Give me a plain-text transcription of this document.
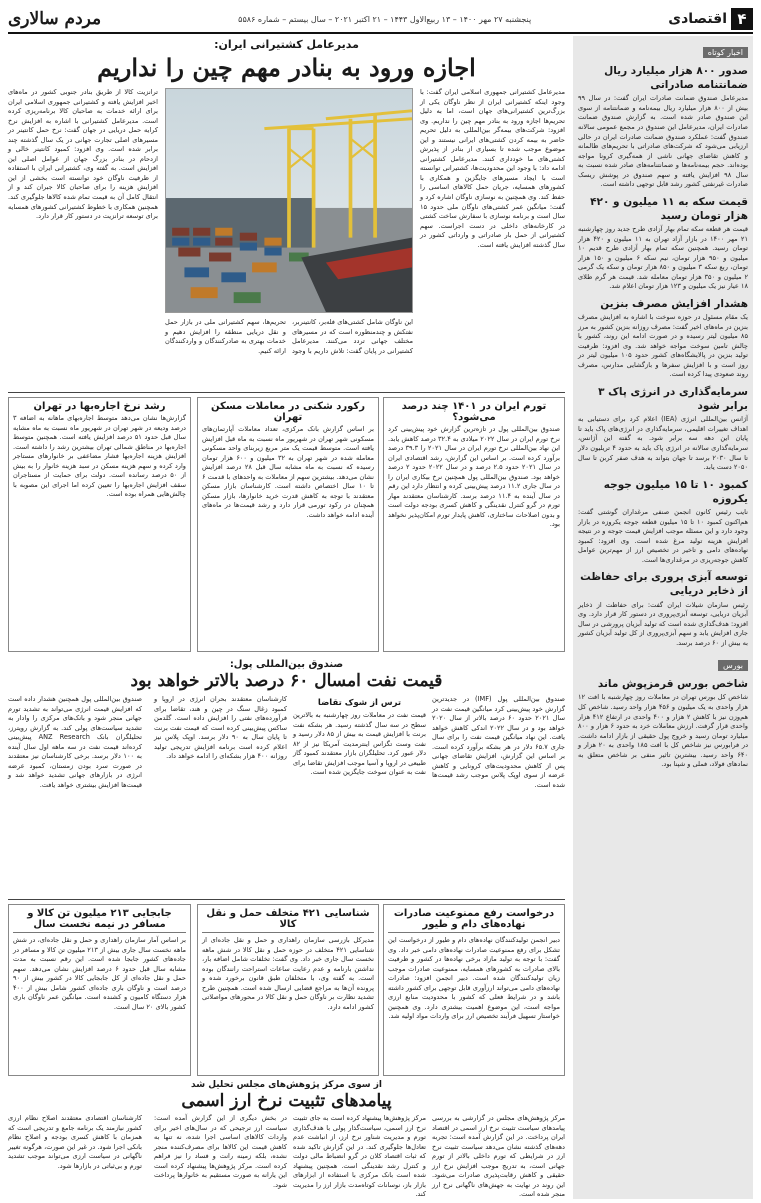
۴
اقتصادی
پنجشنبه ۲۷ مهر ۱۴۰۰ – ۱۳ ربیع‌الاول ۱۴۴۳ – ۲۱ اکتبر ۲۰۲۱ – سال بیستم – شماره ۵۵۸۶
مردم سالاری
اخبار کوتاه
صدور ۸۰۰ هزار میلیارد ریال ضمانتنامه صادراتی
مدیرعامل صندوق ضمانت صادرات ایران گفت: در سال ۹۹ بیش از ۸۰۰ هزار میلیارد ریال بیمه‌نامه و ضمانتنامه از سوی این صندوق صادر شده است. به گزارش صندوق ضمانت صادرات ایران، مدیرعامل این صندوق در مجمع عمومی سالانه صندوق گفت: عملکرد صندوق ضمانت صادرات ایران در حالی ارزیابی می‌شود که شرکت‌های صادراتی با تحریم‌های ظالمانه و کاهش تقاضای جهانی ناشی از همه‌گیری کرونا مواجه بوده‌اند. حجم بیمه‌نامه‌ها و ضمانتنامه‌های صادر شده نسبت به سال ۹۸ افزایش یافته و سهم صندوق در پوشش ریسک صادرات غیرنفتی کشور رشد قابل توجهی داشته است.
قیمت سکه به ۱۱ میلیون و ۴۲۰ هزار تومان رسید
قیمت هر قطعه سکه تمام بهار آزادی طرح جدید روز چهارشنبه ۲۱ مهر ۱۴۰۰ در بازار آزاد تهران به ۱۱ میلیون و ۴۲۰ هزار تومان رسید. همچنین سکه تمام بهار آزادی طرح قدیم ۱۰ میلیون و ۹۵۰ هزار تومان، نیم سکه ۶ میلیون و ۱۵۰ هزار تومان، ربع سکه ۳ میلیون و ۸۵۰ هزار تومان و سکه یک گرمی ۲ میلیون و ۳۵۰ هزار تومان معامله شد. قیمت هر گرم طلای ۱۸ عیار نیز یک میلیون و ۱۲۳ هزار تومان اعلام شد.
هشدار افزایش مصرف بنزین
یک مقام مسئول در حوزه سوخت با اشاره به افزایش مصرف بنزین در ماه‌های اخیر گفت: مصرف روزانه بنزین کشور به مرز ۸۵ میلیون لیتر رسیده و در صورت ادامه این روند، کشور با چالش تامین سوخت مواجه خواهد شد. وی افزود: ظرفیت تولید بنزین در پالایشگاه‌های کشور حدود ۱۰۵ میلیون لیتر در روز است و با افزایش سفرها و بازگشایی مدارس، مصرف روند صعودی پیدا کرده است.
سرمایه‌گذاری در انرژی پاک ۳ برابر شود
آژانس بین‌المللی انرژی (IEA) اعلام کرد برای دستیابی به اهداف تغییرات اقلیمی، سرمایه‌گذاری در انرژی‌های پاک باید تا پایان این دهه سه برابر شود. به گفته این آژانس، سرمایه‌گذاری سالانه در انرژی پاک باید به حدود ۴ تریلیون دلار تا سال ۲۰۳۰ برسد تا جهان بتواند به هدف صفر کربن تا سال ۲۰۵۰ دست یابد.
کمبود ۱۰ تا ۱۵ میلیون جوجه یکروزه
نایب رئیس کانون انجمن صنفی مرغداران گوشتی گفت: هم‌اکنون کمبود ۱۰ تا ۱۵ میلیون قطعه جوجه یکروزه در بازار وجود دارد و این مسئله موجب افزایش قیمت جوجه و در نتیجه افزایش هزینه تولید مرغ شده است. وی افزود: کمبود نهاده‌های دامی و تاخیر در تخصیص ارز از مهم‌ترین عوامل کاهش جوجه‌ریزی در مرغداری‌ها است.
توسعه آبزی پروری برای حفاظت از ذخایر دریایی
رئیس سازمان شیلات ایران گفت: برای حفاظت از ذخایر آبزیان دریایی، توسعه آبزی‌پروری در دستور کار قرار دارد. وی افزود: هدف‌گذاری شده است که تولید آبزیان پرورشی در سال جاری افزایش یابد و سهم آبزی‌پروری از کل تولید آبزیان کشور به بیش از ۶۰ درصد برسد.
بورس
شاخص بورس قرمزپوش ماند
شاخص کل بورس تهران در معاملات روز چهارشنبه با افت ۱۲ هزار واحدی به یک میلیون و ۴۵۶ هزار واحد رسید. شاخص کل هم‌وزن نیز با کاهش ۲ هزار و ۴۰۰ واحدی در ارتفاع ۴۱۲ هزار واحدی قرار گرفت. ارزش معاملات خرد به حدود ۶ هزار و ۸۰۰ میلیارد تومان رسید و خروج پول حقیقی از بازار ادامه داشت. در فرابورس نیز شاخص کل با افت ۱۸۵ واحدی به ۲۰ هزار و ۶۴۰ واحد رسید. بیشترین تاثیر منفی بر شاخص متعلق به نمادهای فولاد، فملی و شپنا بود.
مدیرعامل کشتیرانی ایران:
اجازه ورود به بنادر مهم چین را نداریم
مدیرعامل کشتیرانی جمهوری اسلامی ایران گفت: با وجود اینکه کشتیرانی ایران از نظر ناوگان یکی از بزرگ‌ترین کشتیرانی‌های جهان است، اما به دلیل تحریم‌ها اجازه ورود به بنادر مهم چین را نداریم. وی افزود: شرکت‌های بیمه‌گر بین‌المللی به دلیل تحریم حاضر به بیمه کردن کشتی‌های ایرانی نیستند و این موضوع موجب شده تا بسیاری از بنادر از پذیرش کشتی‌های ما خودداری کنند. مدیرعامل کشتیرانی ادامه داد: با وجود این محدودیت‌ها، کشتیرانی توانسته است با ایجاد مسیرهای جایگزین و همکاری با کشورهای همسایه، جریان حمل کالاهای اساسی را حفظ کند. وی همچنین به نوسازی ناوگان اشاره کرد و گفت: میانگین عمر کشتی‌های ناوگان ملی حدود ۱۵ سال است و برنامه نوسازی با سفارش ساخت کشتی در کارخانه‌های داخلی در دست اجراست. سهم کشتیرانی از حمل بار صادراتی و وارداتی کشور در سال گذشته افزایش یافته است.
این ناوگان شامل کشتی‌های فله‌بر، کانتینربر، نفتکش و چندمنظوره است که در مسیرهای مختلف جهانی تردد می‌کنند. مدیرعامل کشتیرانی در پایان گفت: تلاش داریم با وجود تحریم‌ها، سهم کشتیرانی ملی در بازار حمل و نقل دریایی منطقه را افزایش دهیم و خدمات بهتری به صادرکنندگان و واردکنندگان ارائه کنیم.
ترانزیت کالا از طریق بنادر جنوبی کشور در ماه‌های اخیر افزایش یافته و کشتیرانی جمهوری اسلامی ایران برای ارائه خدمات به صاحبان کالا برنامه‌ریزی کرده است. مدیرعامل کشتیرانی با اشاره به افزایش نرخ کرایه حمل دریایی در جهان گفت: نرخ حمل کانتینر در مسیرهای اصلی تجارت جهانی در یک سال گذشته چند برابر شده است. وی افزود: کمبود کانتینر خالی و ازدحام در بنادر بزرگ جهان از عوامل اصلی این افزایش است. به گفته وی، کشتیرانی ایران با استفاده از ظرفیت ناوگان خود توانسته است بخشی از این افزایش هزینه را برای صاحبان کالا جبران کند و از انتقال کامل آن به قیمت تمام شده کالاها جلوگیری کند. همچنین همکاری با خطوط کشتیرانی کشورهای همسایه برای توسعه ترانزیت در دستور کار قرار دارد.
تورم ایران در ۱۴۰۱ چند درصد می‌شود؟
صندوق بین‌المللی پول در تازه‌ترین گزارش خود پیش‌بینی کرد نرخ تورم ایران در سال ۲۰۲۲ میلادی به ۳۲.۴ درصد کاهش یابد. این نهاد بین‌المللی نرخ تورم ایران در سال ۲۰۲۱ را ۳۹.۳ درصد برآورد کرده است. بر اساس این گزارش، رشد اقتصادی ایران در سال ۲۰۲۱ حدود ۲.۵ درصد و در سال ۲۰۲۲ حدود ۲ درصد خواهد بود. صندوق بین‌المللی پول همچنین نرخ بیکاری ایران را در سال جاری ۱۱.۲ درصد پیش‌بینی کرده و انتظار دارد این رقم در سال آینده به ۱۱.۴ درصد برسد. کارشناسان معتقدند مهار تورم در گرو کنترل نقدینگی و کاهش کسری بودجه دولت است و بدون اصلاحات ساختاری، کاهش پایدار تورم امکان‌پذیر نخواهد بود.
رکورد شکنی در معاملات مسکن تهران
بر اساس گزارش بانک مرکزی، تعداد معاملات آپارتمان‌های مسکونی شهر تهران در شهریور ماه نسبت به ماه قبل افزایش یافته است. متوسط قیمت یک متر مربع زیربنای واحد مسکونی معامله شده در شهر تهران به ۳۲ میلیون و ۶۰۰ هزار تومان رسیده که نسبت به ماه مشابه سال قبل ۲۸ درصد افزایش نشان می‌دهد. بیشترین سهم از معاملات به واحدهای با قدمت ۶ تا ۱۰ سال اختصاص داشته است. کارشناسان بازار مسکن معتقدند با توجه به کاهش قدرت خرید خانوارها، بازار مسکن همچنان در رکود تورمی قرار دارد و رشد قیمت‌ها در ماه‌های آینده ادامه خواهد داشت.
رشد نرخ اجاره‌بها در تهران
گزارش‌ها نشان می‌دهد متوسط اجاره‌بهای ماهانه به اضافه ۳ درصد ودیعه در شهر تهران در شهریور ماه نسبت به ماه مشابه سال قبل حدود ۵۱ درصد افزایش یافته است. همچنین متوسط اجاره‌بها در مناطق شمالی تهران بیشترین رشد را داشته است. افزایش هزینه اجاره‌بها فشار مضاعفی بر خانوارهای مستاجر وارد کرده و سهم هزینه مسکن در سبد هزینه خانوار را به بیش از ۵۰ درصد رسانده است. دولت برای حمایت از مستاجران سقف افزایش اجاره‌بها را تعیین کرده اما اجرای این مصوبه با چالش‌هایی همراه بوده است.
صندوق بین‌المللی پول:
قیمت نفت امسال ۶۰ درصد بالاتر خواهد بود
صندوق بین‌المللی پول (IMF) در جدیدترین گزارش خود پیش‌بینی کرد میانگین قیمت نفت در سال ۲۰۲۱ حدود ۶۰ درصد بالاتر از سال ۲۰۲۰ خواهد بود و در سال ۲۰۲۲ اندکی کاهش خواهد یافت. این نهاد میانگین قیمت نفت را برای سال جاری ۶۵.۷ دلار در هر بشکه برآورد کرده است. بر اساس این گزارش، افزایش تقاضای جهانی پس از کاهش محدودیت‌های کرونایی و کاهش عرضه از سوی اوپک پلاس موجب رشد قیمت‌ها شده است.
ترس از شوک تقاضا
قیمت نفت در معاملات روز چهارشنبه به بالاترین سطح در سه سال گذشته رسید. هر بشکه نفت برنت با افزایش قیمت به بیش از ۸۵ دلار رسید و نفت وست تگزاس اینترمدیت آمریکا نیز از ۸۲ دلار عبور کرد. تحلیلگران بازار معتقدند کمبود گاز طبیعی در اروپا و آسیا موجب افزایش تقاضا برای نفت به عنوان سوخت جایگزین شده است.
کارشناسان معتقدند بحران انرژی در اروپا و کمبود زغال سنگ در چین و هند، تقاضا برای فرآورده‌های نفتی را افزایش داده است. گلدمن ساکس پیش‌بینی کرده است که قیمت نفت برنت تا پایان سال به ۹۰ دلار برسد. اوپک پلاس نیز اعلام کرده است برنامه افزایش تدریجی تولید روزانه ۴۰۰ هزار بشکه‌ای را ادامه خواهد داد.
صندوق بین‌المللی پول همچنین هشدار داده است که افزایش قیمت انرژی می‌تواند به تشدید تورم جهانی منجر شود و بانک‌های مرکزی را وادار به تشدید سیاست‌های پولی کند. به گزارش رویترز، تحلیلگران بانک ANZ Research پیش‌بینی کرده‌اند قیمت نفت در سه ماهه اول سال آینده به ۱۰۰ دلار برسد. برخی کارشناسان نیز معتقدند در صورت سرد بودن زمستان، کمبود عرضه انرژی در بازارهای جهانی تشدید خواهد شد و قیمت‌ها افزایش بیشتری خواهد یافت.
درخواست رفع ممنوعیت صادرات نهاده‌های دام و طیور
دبیر انجمن تولیدکنندگان نهاده‌های دام و طیور از درخواست این تشکل برای رفع ممنوعیت صادرات نهاده‌های دامی خبر داد. وی گفت: با توجه به تولید مازاد برخی نهاده‌ها در کشور و ظرفیت بالای صادرات به کشورهای همسایه، ممنوعیت صادرات موجب زیان تولیدکنندگان شده است. دبیر انجمن افزود: صادرات نهاده‌های دامی می‌تواند ارزآوری قابل توجهی برای کشور داشته باشد و در شرایط فعلی که کشور با محدودیت منابع ارزی مواجه است، این موضوع اهمیت بیشتری دارد. وی همچنین خواستار تسهیل فرآیند تخصیص ارز برای واردات مواد اولیه شد.
شناسایی ۴۲۱ متخلف حمل و نقل کالا
مدیرکل بازرسی سازمان راهداری و حمل و نقل جاده‌ای از شناسایی ۴۲۱ متخلف در حوزه حمل و نقل کالا در شش ماهه نخست سال جاری خبر داد. وی گفت: تخلفات شامل اضافه بار، نداشتن بارنامه و عدم رعایت ساعات استراحت رانندگان بوده است. به گفته وی، با متخلفان طبق قانون برخورد شده و پرونده آن‌ها به مراجع قضایی ارسال شده است. همچنین طرح تشدید نظارت بر ناوگان حمل و نقل کالا در محورهای مواصلاتی کشور ادامه دارد.
جابجایی ۲۱۳ میلیون تن کالا و مسافر در نیمه نخست سال
بر اساس آمار سازمان راهداری و حمل و نقل جاده‌ای، در شش ماهه نخست سال جاری بیش از ۲۱۳ میلیون تن کالا و مسافر در جاده‌های کشور جابجا شده است. این رقم نسبت به مدت مشابه سال قبل حدود ۶ درصد افزایش نشان می‌دهد. سهم حمل و نقل جاده‌ای از کل جابجایی کالا در کشور بیش از ۹۰ درصد است و ناوگان باری جاده‌ای کشور شامل بیش از ۴۰۰ هزار دستگاه کامیون و کشنده است. میانگین عمر ناوگان باری کشور بالای ۲۰ سال است.
از سوی مرکز پژوهش‌های مجلس تحلیل شد
پیامدهای تثبیت نرخ ارز اسمی
مرکز پژوهش‌های مجلس در گزارشی به بررسی پیامدهای سیاست تثبیت نرخ ارز اسمی در اقتصاد ایران پرداخت. در این گزارش آمده است: تجربه دهه‌های گذشته نشان می‌دهد سیاست تثبیت نرخ ارز در شرایطی که تورم داخلی بالاتر از تورم جهانی است، به تدریج موجب افزایش نرخ ارز حقیقی و کاهش رقابت‌پذیری صادرات می‌شود. این روند در نهایت به جهش‌های ناگهانی نرخ ارز منجر شده است.
مرکز پژوهش‌ها پیشنهاد کرده است به جای تثبیت نرخ ارز اسمی، سیاست‌گذار پولی با هدف‌گذاری تورم و مدیریت شناور نرخ ارز، از انباشت عدم تعادل‌ها جلوگیری کند. در این گزارش تاکید شده که ثبات اقتصاد کلان در گرو انضباط مالی دولت و کنترل رشد نقدینگی است. همچنین پیشنهاد شده است بانک مرکزی با استفاده از ابزارهای بازار باز، نوسانات کوتاه‌مدت بازار ارز را مدیریت کند.
در بخش دیگری از این گزارش آمده است: سیاست ارز ترجیحی که در سال‌های اخیر برای واردات کالاهای اساسی اجرا شده، نه تنها به کاهش قیمت این کالاها برای مصرف‌کننده منجر نشده، بلکه زمینه رانت و فساد را نیز فراهم کرده است. مرکز پژوهش‌ها پیشنهاد کرده است این یارانه به صورت مستقیم به خانوارها پرداخت شود.
کارشناسان اقتصادی معتقدند اصلاح نظام ارزی کشور نیازمند یک برنامه جامع و تدریجی است که همزمان با کاهش کسری بودجه و اصلاح نظام بانکی اجرا شود. در غیر این صورت، هرگونه تغییر ناگهانی در سیاست ارزی می‌تواند موجب تشدید تورم و بی‌ثباتی در بازارها شود.
